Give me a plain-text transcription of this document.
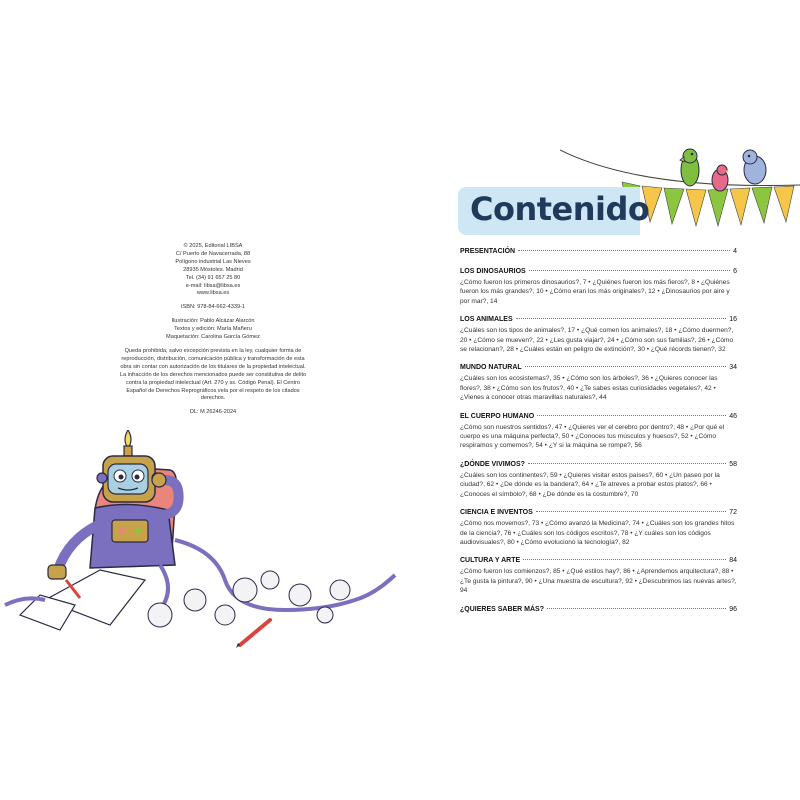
© 2025, Editorial LIBSA
C/ Puerto de Navacerrada, 88
Polígono industrial Las Nieves
28935 Móstoles. Madrid
Tel. (34) 91 657 25 80
e-mail: libsa@libsa.es
www.libsa.es
ISBN: 978-84-662-4339-1
Ilustración: Pablo Alcázar Alarcón
Textos y edición: María Mañeru
Maquetación: Carolina García Gómez
Queda prohibida, salvo excepción prevista en la ley, cualquier forma de reproducción, distribución, comunicación pública y transformación de esta obra sin contar con autorización de los titulares de la propiedad intelectual. La infracción de los derechos mencionados puede ser constitutiva de delito contra la propiedad intelectual (Art. 270 y ss. Código Penal). El Centro Español de Derechos Reprográficos vela por el respeto de los citados derechos.
DL: M 26246-2024
Contenido
PRESENTACIÓN	4
LOS DINOSAURIOS	6
¿Cómo fueron los primeros dinosaurios?, 7 • ¿Quiénes fueron los más fieros?, 8 • ¿Quiénes fueron los más grandes?, 10 • ¿Cómo eran los más originales?, 12 • ¿Dinosaurios por aire y por mar?, 14
LOS ANIMALES	16
¿Cuáles son los tipos de animales?, 17 • ¿Qué comen los animales?, 18 • ¿Cómo duermen?, 20 • ¿Cómo se mueven?, 22 • ¿Les gusta viajar?, 24 • ¿Cómo son sus familias?, 26 • ¿Cómo se relacionan?, 28 • ¿Cuáles están en peligro de extinción?, 30 • ¿Qué récords tienen?, 32
MUNDO NATURAL	34
¿Cuáles son los ecosistemas?, 35 • ¿Cómo son los árboles?, 36 • ¿Quieres conocer las flores?, 38 • ¿Cómo son los frutos?, 40 • ¿Te sabes estas curiosidades vegetales?, 42 • ¿Vienes a conocer otras maravillas naturales?, 44
EL CUERPO HUMANO	46
¿Cómo son nuestros sentidos?, 47 • ¿Quieres ver el cerebro por dentro?, 48 • ¿Por qué el cuerpo es una máquina perfecta?, 50 • ¿Conoces tus músculos y huesos?, 52 • ¿Cómo respiramos y comemos?, 54 • ¿Y si la máquina se rompe?, 56
¿DÓNDE VIVIMOS?	58
¿Cuáles son los continentes?, 59 • ¿Quieres visitar estos países?, 60 • ¿Un paseo por la ciudad?, 62 • ¿De dónde es la bandera?, 64 • ¿Te atreves a probar estos platos?, 66 • ¿Conoces el símbolo?, 68 • ¿De dónde es la costumbre?, 70
CIENCIA E INVENTOS	72
¿Cómo nos movemos?, 73 • ¿Cómo avanzó la Medicina?, 74 • ¿Cuáles son los grandes hitos de la ciencia?, 76 • ¿Cuáles son los códigos escritos?, 78 • ¿Y cuáles son los códigos audiovisuales?, 80 • ¿Cómo evolucionó la tecnología?, 82
CULTURA Y ARTE	84
¿Cómo fueron los comienzos?, 85 • ¿Qué estilos hay?, 86 • ¿Aprendemos arquitectura?, 88 • ¿Te gusta la pintura?, 90 • ¿Una muestra de escultura?, 92 • ¿Descubrimos las nuevas artes?, 94
¿QUIERES SABER MÁS?	96
